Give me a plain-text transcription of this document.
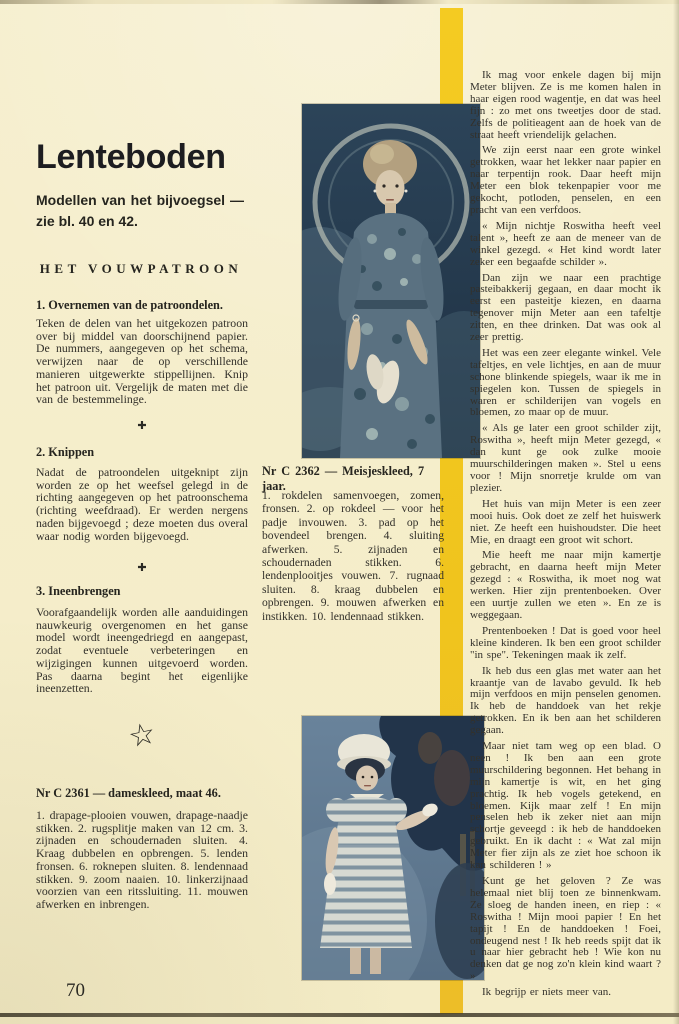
Lenteboden

Modellen van het bijvoegsel — zie bl. 40 en 42.

HET VOUWPATROON
1. Overnemen van de patroondelen.

Teken de delen van het uitgekozen patroon over bij middel van doorschijnend papier. De nummers, aangegeven op het schema, verwijzen naar de op verschillende manieren uitgewerkte stippellijnen. Knip het patroon uit. Vergelijk de maten met die van de bestemmelinge.

✚
2. Knippen

Nadat de patroondelen uitgeknipt zijn worden ze op het weefsel gelegd in de richting aangegeven op het patroonschema (richting weefdraad). Er werden nergens naden bijgevoegd ; deze moeten dus overal waar nodig worden bijgevoegd.

✚
3. Ineenbrengen

Voorafgaandelijk worden alle aanduidingen nauwkeurig overgenomen en het ganse model wordt ineengedriegd en aangepast, zodat eventuele verbeteringen en wijzigingen kunnen uitgevoerd worden. Pas daarna begint het eigenlijke ineenzetten.

☆
Nr C 2361 — dameskleed, maat 46.

1. drapage-plooien vouwen, drapage-naadje stikken. 2. rugsplitje maken van 12 cm. 3. zijnaden en schoudernaden sluiten. 4. Kraag dubbelen en opbrengen. 5. lenden fronsen. 6. roknepen sluiten. 8. lendennaad stikken. 9. zoom naaien. 10. linkerzijnaad voorzien van een ritssluiting. 11. mouwen afwerken en inbrengen.

70

Nr C 2362 — Meisjeskleed, 7 jaar.

1. rokdelen samenvoegen, zomen, fronsen. 2. op rokdeel — voor het padje invouwen. 3. pad op het bovendeel brengen. 4. sluiting afwerken. 5. zijnaden en schoudernaden stikken. 6. lendenplooitjes vouwen. 7. rugnaad sluiten. 8. kraag dubbelen en opbrengen. 9. mouwen afwerken en instikken. 10. lendennaad stikken.

Ik mag voor enkele dagen bij mijn Meter blijven. Ze is me komen halen in haar eigen rood wagentje, en dat was heel fijn : zo met ons tweetjes door de stad. Zelfs de politieagent aan de hoek van de straat heeft vriendelijk gelachen.

We zijn eerst naar een grote winkel getrokken, waar het lekker naar papier en naar terpentijn rook. Daar heeft mijn Meter een blok tekenpapier voor me gekocht, potloden, penselen, en een pracht van een verfdoos.

« Mijn nichtje Roswitha heeft veel talent », heeft ze aan de meneer van de winkel gezegd. « Het kind wordt later zeker een begaafde schilder ».

Dan zijn we naar een prachtige pasteibakkerij gegaan, en daar mocht ik eerst een pasteitje kiezen, en daarna tegenover mijn Meter aan een tafeltje zitten, en thee drinken. Dat was ook al zeer prettig.

Het was een zeer elegante winkel. Vele tafeltjes, en vele lichtjes, en aan de muur schone blinkende spiegels, waar ik me in spiegelen kon. Tussen de spiegels in waren er schilderijen van vogels en bloemen, zo maar op de muur.

« Als ge later een groot schilder zijt, Roswitha », heeft mijn Meter gezegd, « dan kunt ge ook zulke mooie muurschilderingen maken ». Stel u eens voor ! Mijn snorretje krulde om van plezier.

Het huis van mijn Meter is een zeer mooi huis. Ook doet ze zelf het huiswerk niet. Ze heeft een huishoudster. Die heet Mie, en draagt een groot wit schort.

Mie heeft me naar mijn kamertje gebracht, en daarna heeft mijn Meter gezegd : « Roswitha, ik moet nog wat werken. Hier zijn prentenboeken. Over een uurtje zullen we eten ». En ze is weggegaan.

Prentenboeken ! Dat is goed voor heel kleine kinderen. Ik ben een groot schilder "in spe". Tekeningen maak ik zelf.

Ik heb dus een glas met water aan het kraantje van de lavabo gevuld. Ik heb mijn verfdoos en mijn penselen genomen. Ik heb de handdoek van het rekje getrokken. En ik ben aan het schilderen gegaan.

Maar niet tam weg op een blad. O neen ! Ik ben aan een grote muurschildering begonnen. Het behang in mijn kamertje is wit, en het ging prachtig. Ik heb vogels getekend, en bloemen. Kijk maar zelf ! En mijn penselen heb ik zeker niet aan mijn schortje geveegd : ik heb de handdoeken gebruikt. En ik dacht : « Wat zal mijn Meter fier zijn als ze ziet hoe schoon ik kan schilderen ! »

Kunt ge het geloven ? Ze was helemaal niet blij toen ze binnenkwam. Ze sloeg de handen ineen, en riep : « Roswitha ! Mijn mooi papier ! En het tapijt ! En de handdoeken ! Foei, ondeugend nest ! Ik heb reeds spijt dat ik u naar hier gebracht heb ! Wie kon nu denken dat ge nog zo'n klein kind waart ? »

Ik begrijp er niets meer van.
